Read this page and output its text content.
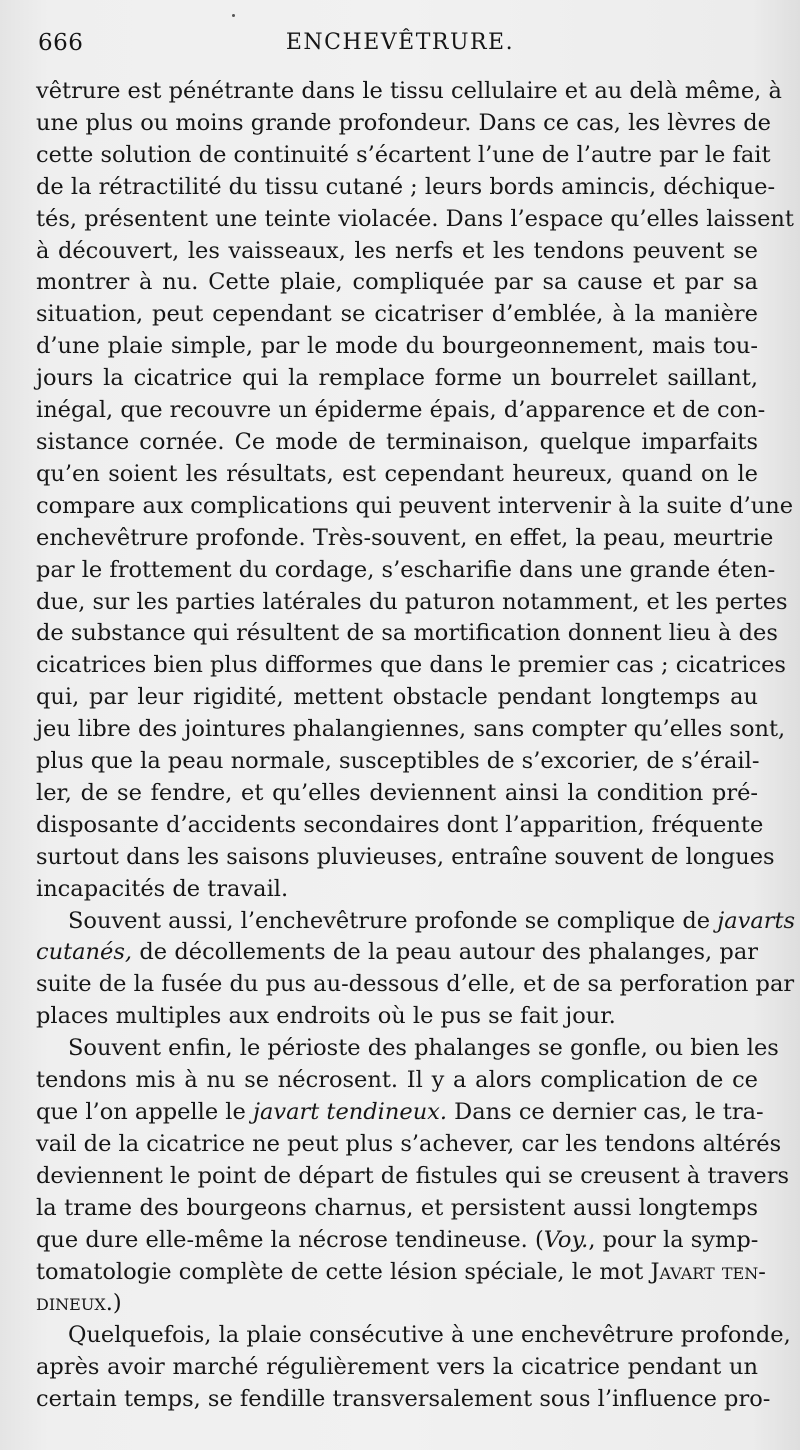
666	ENCHEVÊTRURE.
vêtrure est pénétrante dans le tissu cellulaire et au delà même, à
une plus ou moins grande profondeur. Dans ce cas, les lèvres de
cette solution de continuité s’écartent l’une de l’autre par le fait
de la rétractilité du tissu cutané ; leurs bords amincis, déchique-
tés, présentent une teinte violacée. Dans l’espace qu’elles laissent
à découvert, les vaisseaux, les nerfs et les tendons peuvent se
montrer à nu. Cette plaie, compliquée par sa cause et par sa
situation, peut cependant se cicatriser d’emblée, à la manière
d’une plaie simple, par le mode du bourgeonnement, mais tou-
jours la cicatrice qui la remplace forme un bourrelet saillant,
inégal, que recouvre un épiderme épais, d’apparence et de con-
sistance cornée. Ce mode de terminaison, quelque imparfaits
qu’en soient les résultats, est cependant heureux, quand on le
compare aux complications qui peuvent intervenir à la suite d’une
enchevêtrure profonde. Très-souvent, en effet, la peau, meurtrie
par le frottement du cordage, s’escharifie dans une grande éten-
due, sur les parties latérales du paturon notamment, et les pertes
de substance qui résultent de sa mortification donnent lieu à des
cicatrices bien plus difformes que dans le premier cas ; cicatrices
qui, par leur rigidité, mettent obstacle pendant longtemps au
jeu libre des jointures phalangiennes, sans compter qu’elles sont,
plus que la peau normale, susceptibles de s’excorier, de s’érail-
ler, de se fendre, et qu’elles deviennent ainsi la condition pré-
disposante d’accidents secondaires dont l’apparition, fréquente
surtout dans les saisons pluvieuses, entraîne souvent de longues
incapacités de travail.
Souvent aussi, l’enchevêtrure profonde se complique de javarts
cutanés, de décollements de la peau autour des phalanges, par
suite de la fusée du pus au-dessous d’elle, et de sa perforation par
places multiples aux endroits où le pus se fait jour.
Souvent enfin, le périoste des phalanges se gonfle, ou bien les
tendons mis à nu se nécrosent. Il y a alors complication de ce
que l’on appelle le javart tendineux. Dans ce dernier cas, le tra-
vail de la cicatrice ne peut plus s’achever, car les tendons altérés
deviennent le point de départ de fistules qui se creusent à travers
la trame des bourgeons charnus, et persistent aussi longtemps
que dure elle-même la nécrose tendineuse. (Voy., pour la symp-
tomatologie complète de cette lésion spéciale, le mot Javart ten-
dineux.)
Quelquefois, la plaie consécutive à une enchevêtrure profonde,
après avoir marché régulièrement vers la cicatrice pendant un
certain temps, se fendille transversalement sous l’influence pro-
